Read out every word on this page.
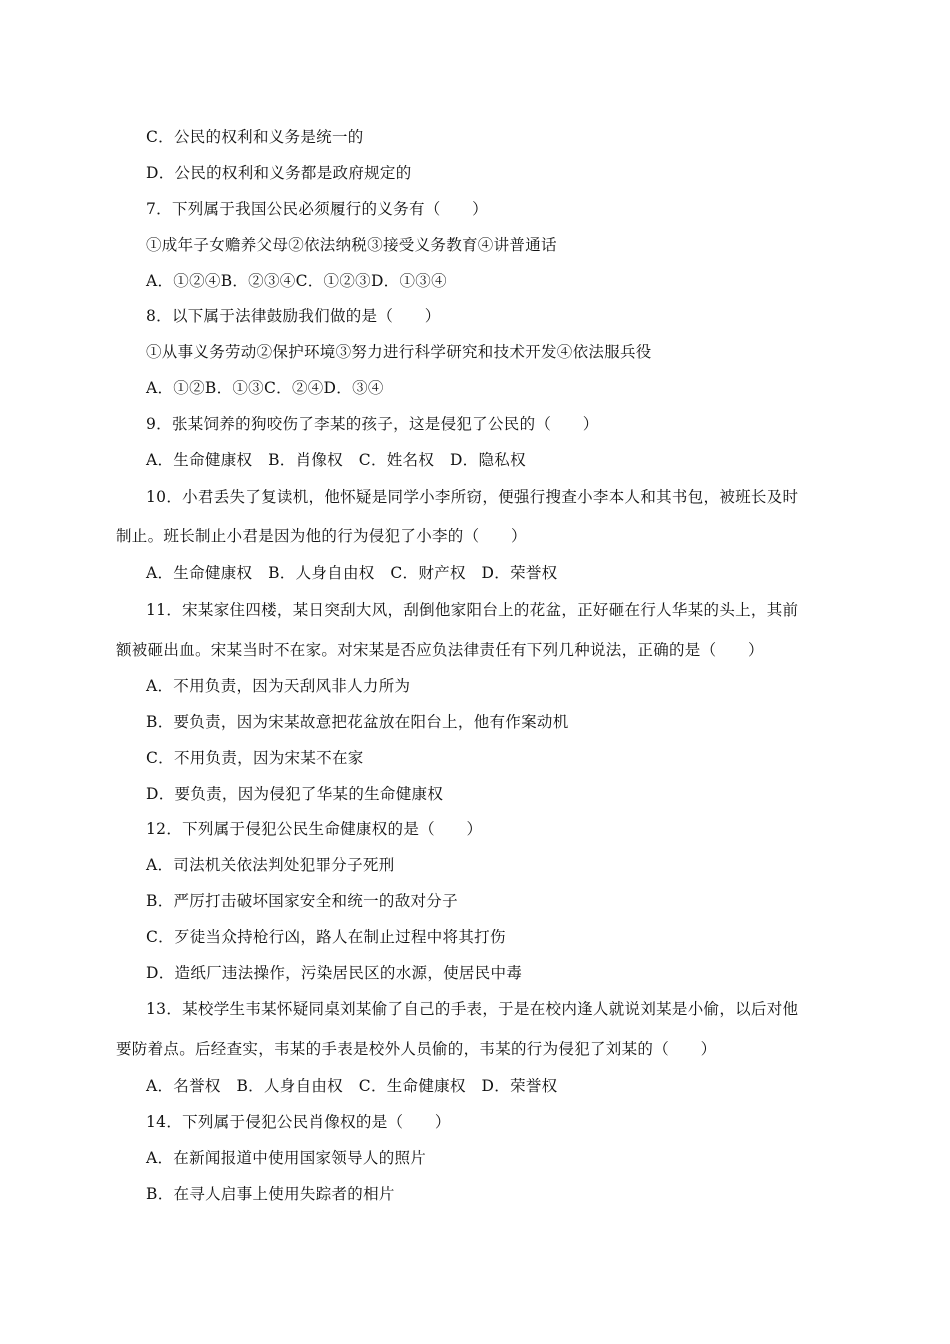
C．公民的权利和义务是统一的
D．公民的权利和义务都是政府规定的
7．下列属于我国公民必须履行的义务有（　　）
①成年子女赡养父母②依法纳税③接受义务教育④讲普通话
A．①②④B．②③④C．①②③D．①③④
8．以下属于法律鼓励我们做的是（　　）
①从事义务劳动②保护环境③努力进行科学研究和技术开发④依法服兵役
A．①②B．①③C．②④D．③④
9．张某饲养的狗咬伤了李某的孩子，这是侵犯了公民的（　　）
A．生命健康权　B．肖像权　C．姓名权　D．隐私权
10．小君丢失了复读机，他怀疑是同学小李所窃，便强行搜查小李本人和其书包，被班长及时
制止。班长制止小君是因为他的行为侵犯了小李的（　　）
A．生命健康权　B．人身自由权　C．财产权　D．荣誉权
11．宋某家住四楼，某日突刮大风，刮倒他家阳台上的花盆，正好砸在行人华某的头上，其前
额被砸出血。宋某当时不在家。对宋某是否应负法律责任有下列几种说法，正确的是（　　）
A．不用负责，因为天刮风非人力所为
B．要负责，因为宋某故意把花盆放在阳台上，他有作案动机
C．不用负责，因为宋某不在家
D．要负责，因为侵犯了华某的生命健康权
12．下列属于侵犯公民生命健康权的是（　　）
A．司法机关依法判处犯罪分子死刑
B．严厉打击破坏国家安全和统一的敌对分子
C．歹徒当众持枪行凶，路人在制止过程中将其打伤
D．造纸厂违法操作，污染居民区的水源，使居民中毒
13．某校学生韦某怀疑同桌刘某偷了自己的手表，于是在校内逢人就说刘某是小偷，以后对他
要防着点。后经查实，韦某的手表是校外人员偷的，韦某的行为侵犯了刘某的（　　）
A．名誉权　B．人身自由权　C．生命健康权　D．荣誉权
14．下列属于侵犯公民肖像权的是（　　）
A．在新闻报道中使用国家领导人的照片
B．在寻人启事上使用失踪者的相片
